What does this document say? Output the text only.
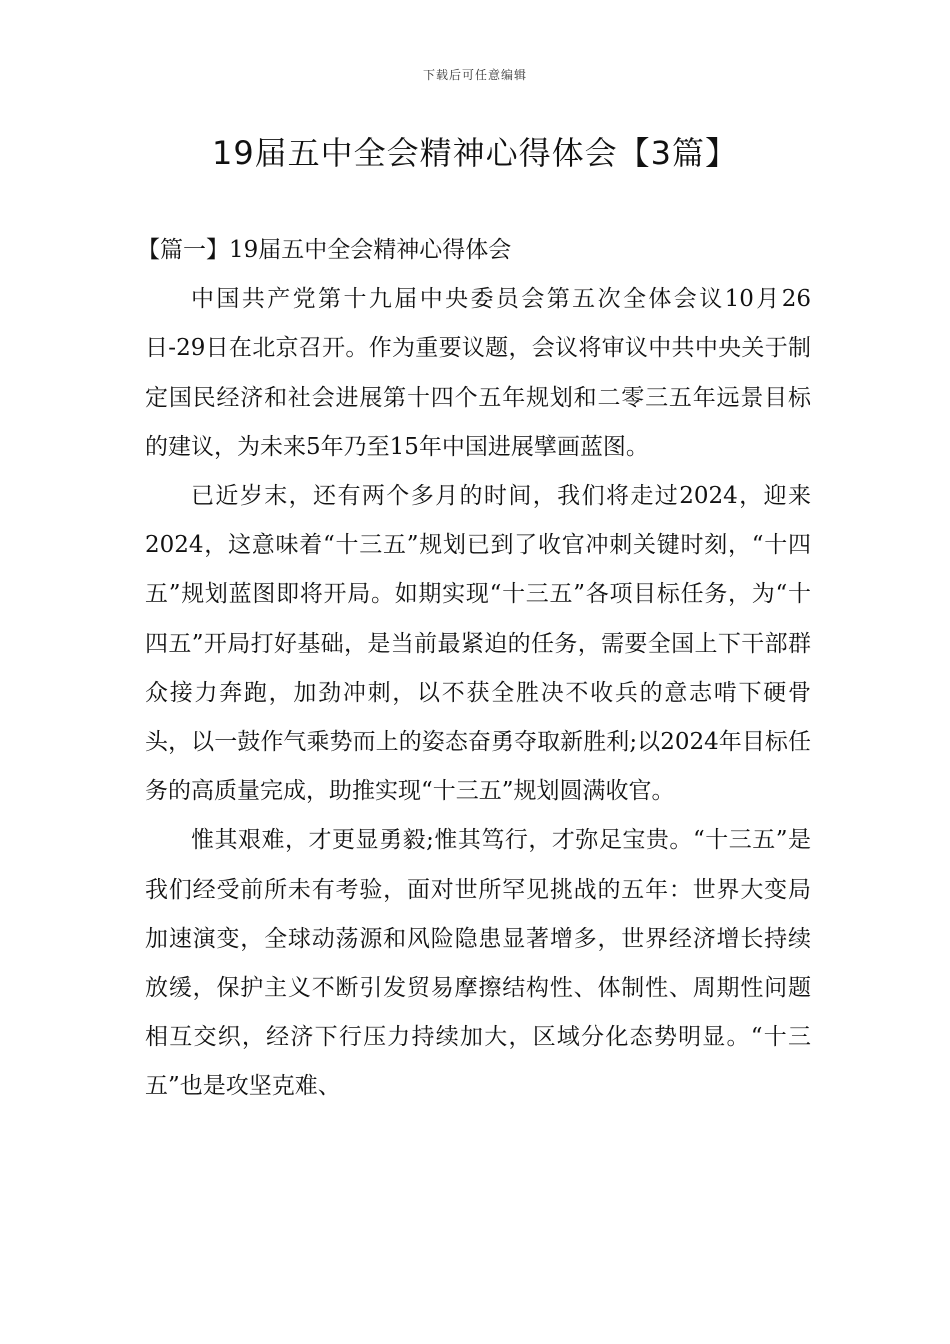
下载后可任意编辑
19届五中全会精神心得体会【3篇】

【篇一】19届五中全会精神心得体会

中国共产党第十九届中央委员会第五次全体会议10月26日-29日在北京召开。作为重要议题，会议将审议中共中央关于制定国民经济和社会进展第十四个五年规划和二零三五年远景目标的建议，为未来5年乃至15年中国进展擘画蓝图。

已近岁末，还有两个多月的时间，我们将走过2024，迎来2024，这意味着“十三五”规划已到了收官冲刺关键时刻，“十四五”规划蓝图即将开局。如期实现“十三五”各项目标任务，为“十四五”开局打好基础，是当前最紧迫的任务，需要全国上下干部群众接力奔跑，加劲冲刺，以不获全胜决不收兵的意志啃下硬骨头，以一鼓作气乘势而上的姿态奋勇夺取新胜利;以2024年目标任务的高质量完成，助推实现“十三五”规划圆满收官。

惟其艰难，才更显勇毅;惟其笃行，才弥足宝贵。“十三五”是我们经受前所未有考验，面对世所罕见挑战的五年：世界大变局加速演变，全球动荡源和风险隐患显著增多，世界经济增长持续放缓，保护主义不断引发贸易摩擦结构性、体制性、周期性问题相互交织，经济下行压力持续加大，区域分化态势明显。“十三五”也是攻坚克难、
